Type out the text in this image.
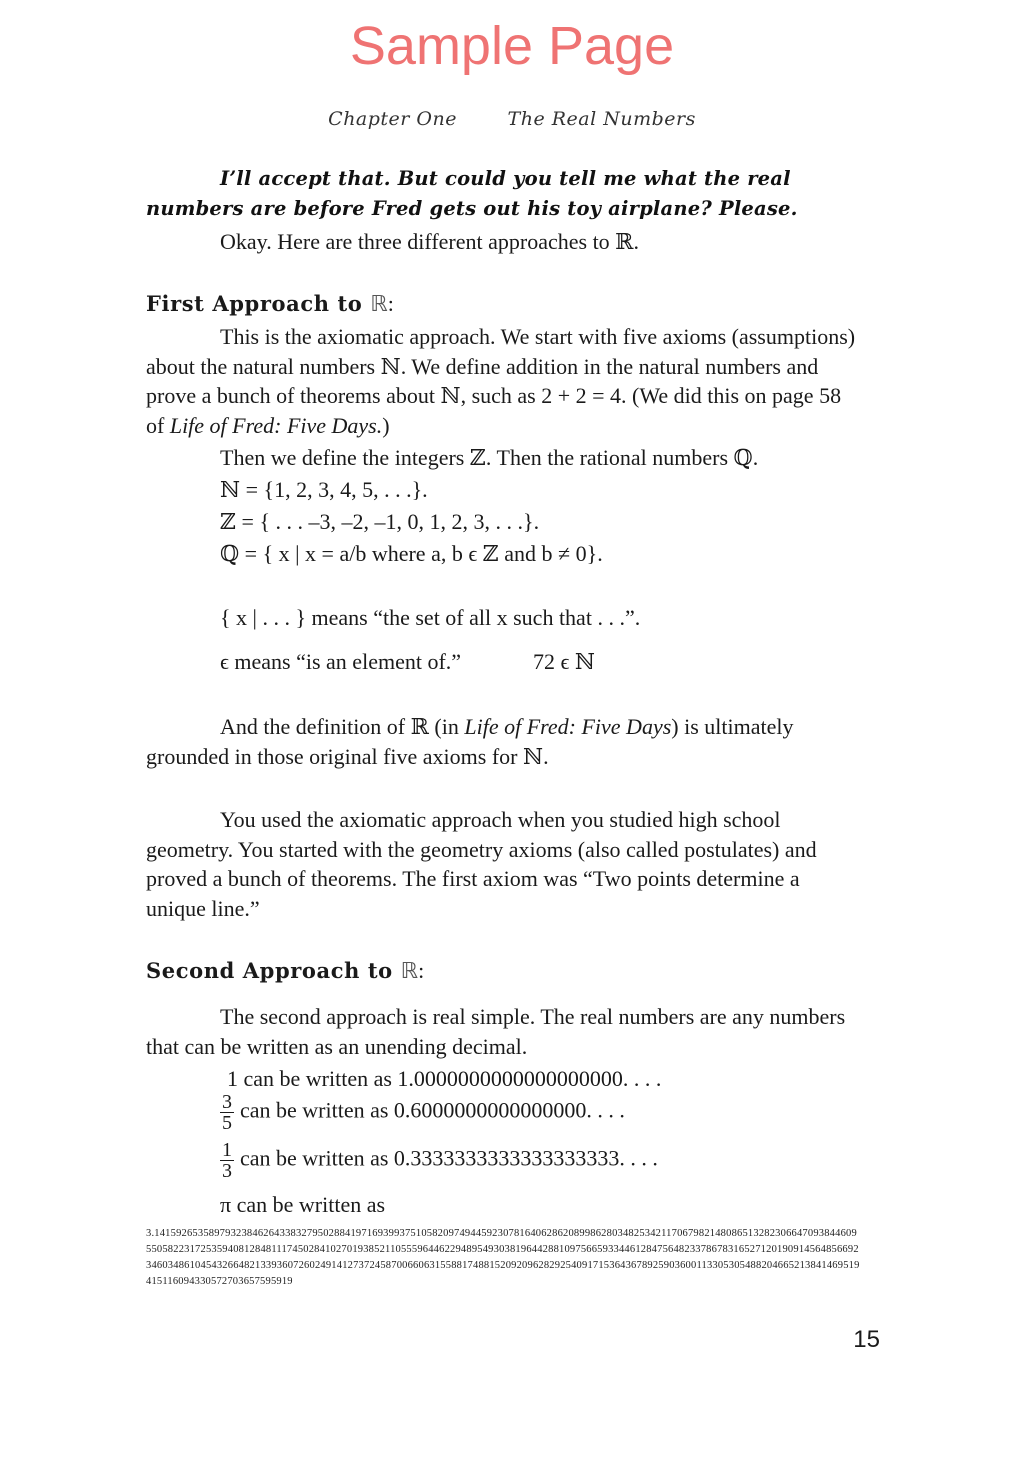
Sample Page
Chapter One	The Real Numbers
I’ll accept that. But could you tell me what the real numbers are before Fred gets out his toy airplane? Please.
Okay. Here are three different approaches to ℝ.
First Approach to ℝ:
This is the axiomatic approach. We start with five axioms (assumptions) about the natural numbers ℕ. We define addition in the natural numbers and prove a bunch of theorems about ℕ, such as 2 + 2 = 4. (We did this on page 58 of Life of Fred: Five Days.)
Then we define the integers ℤ. Then the rational numbers ℚ.
ℕ = {1, 2, 3, 4, 5, . . .}.
ℤ = { . . . –3, –2, –1, 0, 1, 2, 3, . . .}.
ℚ = { x | x = a/b where a, b ϵ ℤ and b ≠ 0}.
{ x | . . . } means “the set of all x such that . . .”.
ϵ means “is an element of.”	72 ϵ ℕ
And the definition of ℝ (in Life of Fred: Five Days) is ultimately grounded in those original five axioms for ℕ.
You used the axiomatic approach when you studied high school geometry. You started with the geometry axioms (also called postulates) and proved a bunch of theorems. The first axiom was “Two points determine a unique line.”
Second Approach to ℝ:
The second approach is real simple. The real numbers are any numbers that can be written as an unending decimal.
1 can be written as 1.0000000000000000000. . . .
$\frac{3}{5}$ can be written as 0.6000000000000000. . . .
$\frac{1}{3}$ can be written as 0.3333333333333333333. . . .
π can be written as
3.1415926535897932384626433832795028841971693993751058209749445923078164062862089986280348253421170679821480865132823066470938446095505822317253594081284811174502841027019385211055596446229489549303819644288109756659334461284756482337867831652712019091456485669234603486104543266482133936072602491412737245870066063155881748815209209628292540917153643678925903600113305305488204665213841469519415116094330572703657595919
15
